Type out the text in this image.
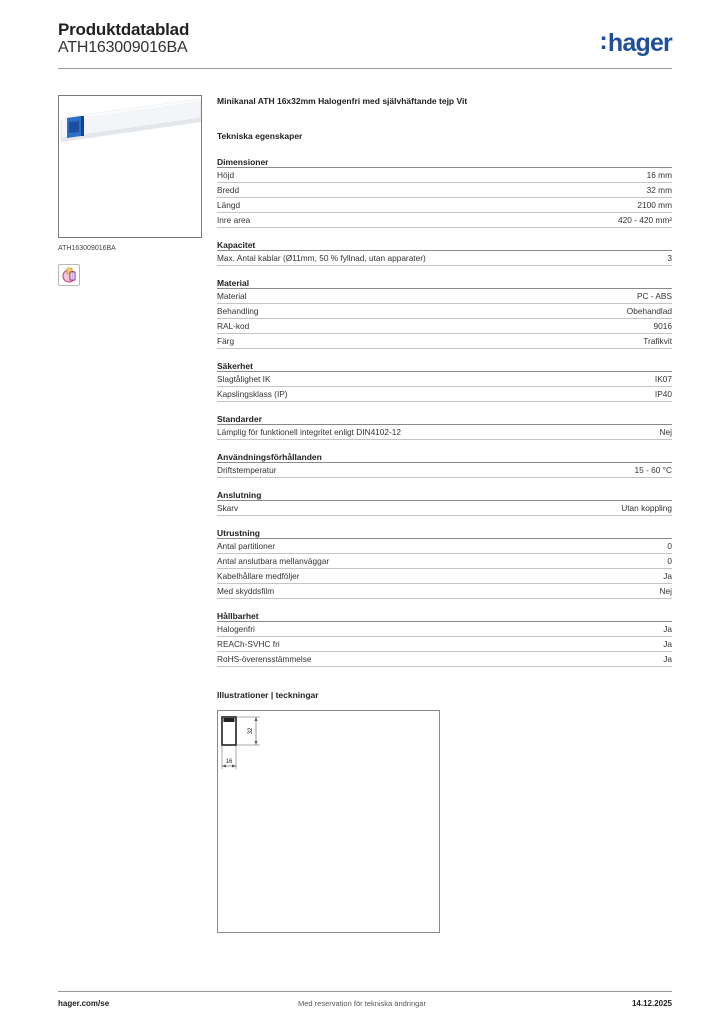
Produktdatablad
ATH163009016BA	:hager
ATH163009016BA
Minikanal ATH 16x32mm Halogenfri med självhäftande tejp Vit
Tekniska egenskaper
Dimensioner
Höjd	16 mm
Bredd	32 mm
Längd	2100 mm
Inre area	420 - 420 mm²
Kapacitet
Max. Antal kablar (Ø11mm, 50 % fyllnad, utan apparater)	3
Material
Material	PC - ABS
Behandling	Obehandlad
RAL-kod	9016
Färg	Trafikvit
Säkerhet
Slagtålighet IK	IK07
Kapslingsklass (IP)	IP40
Standarder
Lämplig för funktionell integritet enligt DIN4102-12	Nej
Användningsförhållanden
Driftstemperatur	15 - 60 °C
Anslutning
Skarv	Utan koppling
Utrustning
Antal partitioner	0
Antal anslutbara mellanväggar	0
Kabelhållare medföljer	Ja
Med skyddsfilm	Nej
Hållbarhet
Halogenfri	Ja
REACh-SVHC fri	Ja
RoHS-överensstämmelse	Ja
Illustrationer | teckningar
32
16
hager.com/se	Med reservation för tekniska ändringar	14.12.2025
